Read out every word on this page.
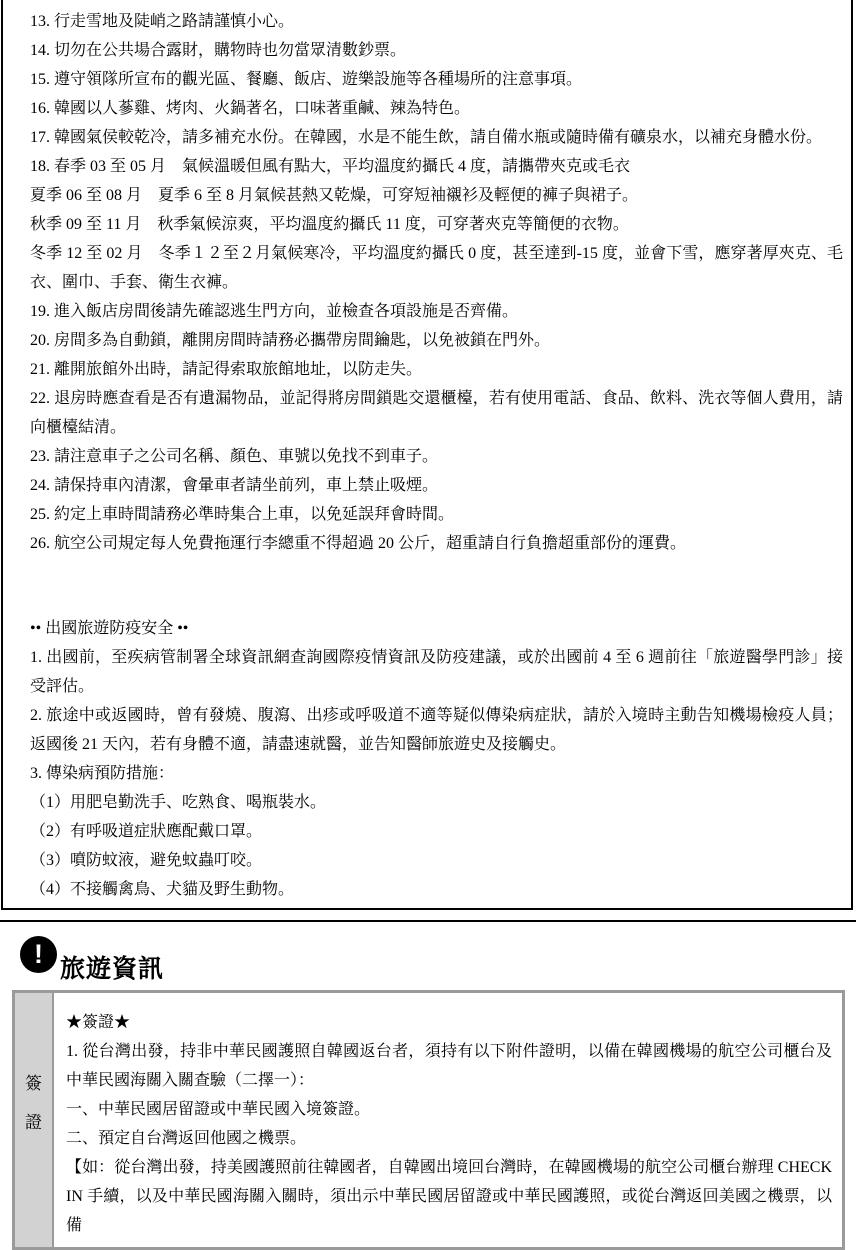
13. 行走雪地及陡峭之路請謹慎小心。

14. 切勿在公共場合露財，購物時也勿當眾清數鈔票。

15. 遵守領隊所宣布的觀光區、餐廳、飯店、遊樂設施等各種場所的注意事項。

16. 韓國以人蔘雞、烤肉、火鍋著名，口味著重鹹、辣為特色。

17. 韓國氣侯較乾冷，請多補充水份。在韓國，水是不能生飲，請自備水瓶或隨時備有礦泉水，以補充身體水份。

18. 春季 03 至 05 月　氣候溫暖但風有點大，平均溫度約攝氏 4 度，請攜帶夾克或毛衣

夏季 06 至 08 月　夏季 6 至 8 月氣候甚熱又乾燥，可穿短袖襯衫及輕便的褲子與裙子。

秋季 09 至 11 月　秋季氣候涼爽，平均溫度約攝氏 11 度，可穿著夾克等簡便的衣物。

冬季 12 至 02 月　冬季１２至２月氣候寒冷，平均溫度約攝氏 0 度，甚至達到-15 度，並會下雪，應穿著厚夾克、毛衣、圍巾、手套、衛生衣褲。

19. 進入飯店房間後請先確認逃生門方向，並檢查各項設施是否齊備。

20. 房間多為自動鎖，離開房間時請務必攜帶房間鑰匙，以免被鎖在門外。

21. 離開旅館外出時，請記得索取旅館地址，以防走失。

22. 退房時應查看是否有遺漏物品，並記得將房間鎖匙交還櫃檯，若有使用電話、食品、飲料、洗衣等個人費用，請向櫃檯結清。

23. 請注意車子之公司名稱、顏色、車號以免找不到車子。

24. 請保持車內清潔，會暈車者請坐前列，車上禁止吸煙。

25. 約定上車時間請務必準時集合上車，以免延誤拜會時間。

26. 航空公司規定每人免費拖運行李總重不得超過 20 公斤，超重請自行負擔超重部份的運費。

•• 出國旅遊防疫安全 ••

1. 出國前，至疾病管制署全球資訊網查詢國際疫情資訊及防疫建議，或於出國前 4 至 6 週前往「旅遊醫學門診」接受評估。

2. 旅途中或返國時，曾有發燒、腹瀉、出疹或呼吸道不適等疑似傳染病症狀，請於入境時主動告知機場檢疫人員；返國後 21 天內，若有身體不適，請盡速就醫，並告知醫師旅遊史及接觸史。

3. 傳染病預防措施：

（1）用肥皂勤洗手、吃熟食、喝瓶裝水。

（2）有呼吸道症狀應配戴口罩。

（3）噴防蚊液，避免蚊蟲叮咬。

（4）不接觸禽鳥、犬貓及野生動物。

!
旅遊資訊
簽
證

★簽證★

1. 從台灣出發，持非中華民國護照自韓國返台者，須持有以下附件證明，以備在韓國機場的航空公司櫃台及中華民國海關入關查驗（二擇一）：

一、中華民國居留證或中華民國入境簽證。

二、預定自台灣返回他國之機票。

【如：從台灣出發，持美國護照前往韓國者，自韓國出境回台灣時，在韓國機場的航空公司櫃台辦理 CHECK IN 手續，以及中華民國海關入關時，須出示中華民國居留證或中華民國護照，或從台灣返回美國之機票，以備
